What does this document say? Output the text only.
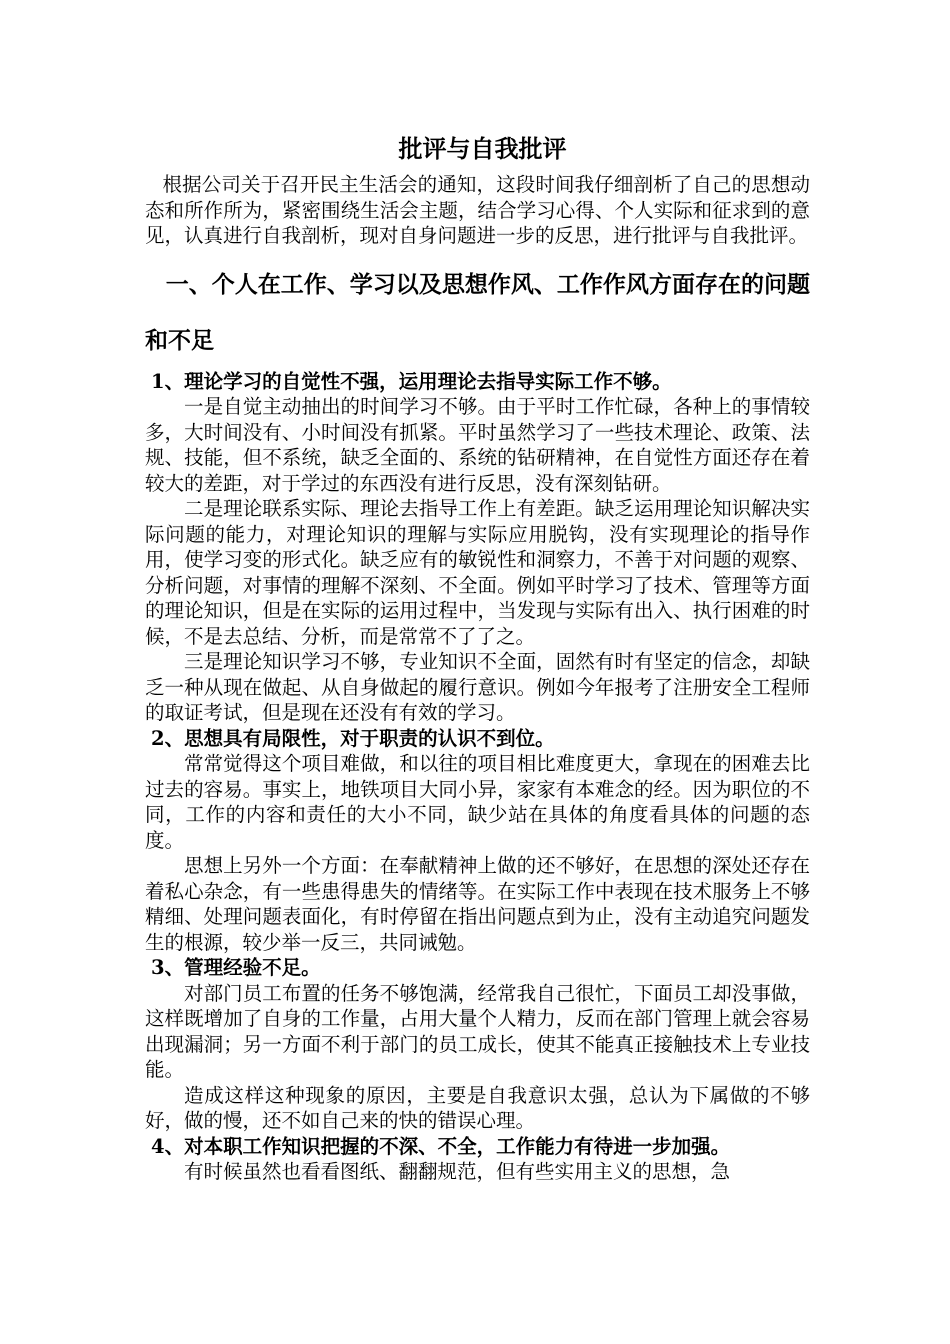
批评与自我批评

根据公司关于召开民主生活会的通知，这段时间我仔细剖析了自己的思想动态和所作所为，紧密围绕生活会主题，结合学习心得、个人实际和征求到的意见，认真进行自我剖析，现对自身问题进一步的反思，进行批评与自我批评。

一、个人在工作、学习以及思想作风、工作作风方面存在的问题和不足
1、理论学习的自觉性不强，运用理论去指导实际工作不够。

一是自觉主动抽出的时间学习不够。由于平时工作忙碌，各种上的事情较多，大时间没有、小时间没有抓紧。平时虽然学习了一些技术理论、政策、法规、技能，但不系统，缺乏全面的、系统的钻研精神，在自觉性方面还存在着较大的差距，对于学过的东西没有进行反思，没有深刻钻研。

二是理论联系实际、理论去指导工作上有差距。缺乏运用理论知识解决实际问题的能力，对理论知识的理解与实际应用脱钩，没有实现理论的指导作用，使学习变的形式化。缺乏应有的敏锐性和洞察力，不善于对问题的观察、分析问题，对事情的理解不深刻、不全面。例如平时学习了技术、管理等方面的理论知识，但是在实际的运用过程中，当发现与实际有出入、执行困难的时候，不是去总结、分析，而是常常不了了之。

三是理论知识学习不够，专业知识不全面，固然有时有坚定的信念，却缺乏一种从现在做起、从自身做起的履行意识。例如今年报考了注册安全工程师的取证考试，但是现在还没有有效的学习。

2、思想具有局限性，对于职责的认识不到位。

常常觉得这个项目难做，和以往的项目相比难度更大，拿现在的困难去比过去的容易。事实上，地铁项目大同小异，家家有本难念的经。因为职位的不同，工作的内容和责任的大小不同，缺少站在具体的角度看具体的问题的态度。

思想上另外一个方面：在奉献精神上做的还不够好，在思想的深处还存在着私心杂念，有一些患得患失的情绪等。在实际工作中表现在技术服务上不够精细、处理问题表面化，有时停留在指出问题点到为止，没有主动追究问题发生的根源，较少举一反三，共同诫勉。

3、管理经验不足。

对部门员工布置的任务不够饱满，经常我自己很忙，下面员工却没事做，这样既增加了自身的工作量，占用大量个人精力，反而在部门管理上就会容易出现漏洞；另一方面不利于部门的员工成长，使其不能真正接触技术上专业技能。

造成这样这种现象的原因，主要是自我意识太强，总认为下属做的不够好，做的慢，还不如自己来的快的错误心理。

4、对本职工作知识把握的不深、不全，工作能力有待进一步加强。

有时候虽然也看看图纸、翻翻规范，但有些实用主义的思想，急
